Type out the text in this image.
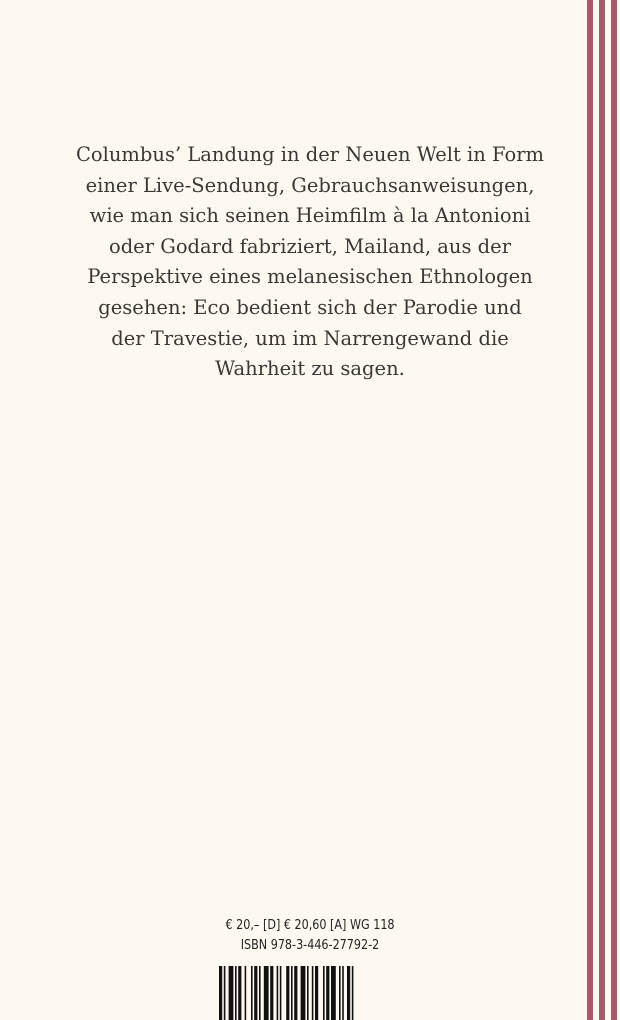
Columbus’ Landung in der Neuen Welt in Form
einer Live-Sendung, Gebrauchsanweisungen,
wie man sich seinen Heimfilm à la Antonioni
oder Godard fabriziert, Mailand, aus der
Perspektive eines melanesischen Ethnologen
gesehen: Eco bedient sich der Parodie und
der Travestie, um im Narrengewand die
Wahrheit zu sagen.
€ 20,– [D] € 20,60 [A] WG 118
ISBN 978-3-446-27792-2
